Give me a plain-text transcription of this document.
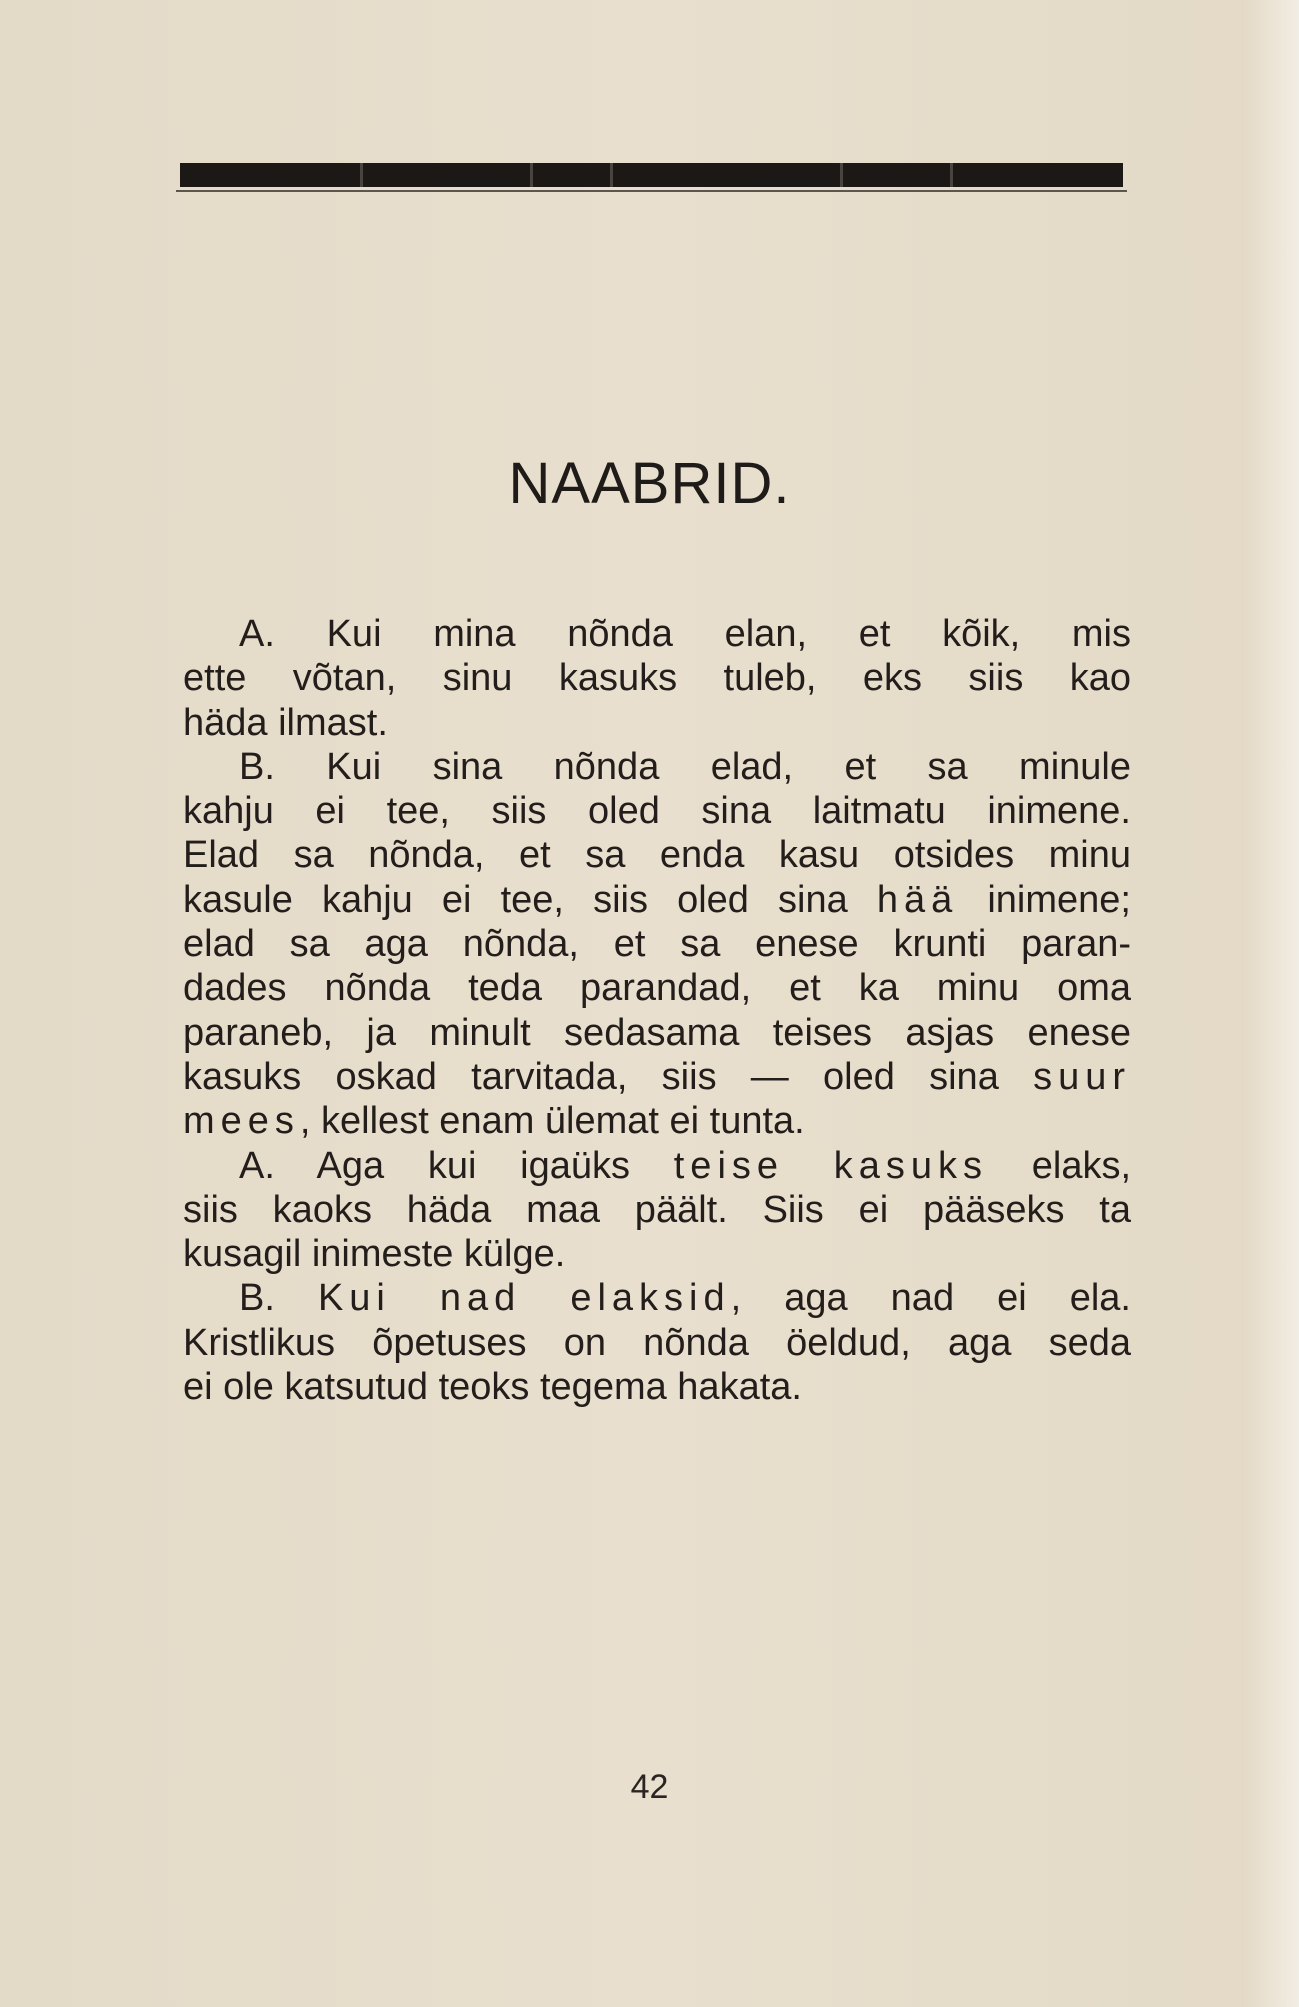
NAABRID.
A. Kui mina nõnda elan, et kõik, mis
ette võtan, sinu kasuks tuleb, eks siis kao
häda ilmast.
B. Kui sina nõnda elad, et sa minule
kahju ei tee, siis oled sina laitmatu inimene.
Elad sa nõnda, et sa enda kasu otsides minu
kasule kahju ei tee, siis oled sina hää inimene;
elad sa aga nõnda, et sa enese krunti paran-
dades nõnda teda parandad, et ka minu oma
paraneb, ja minult sedasama teises asjas enese
kasuks oskad tarvitada, siis — oled sina suur
mees, kellest enam ülemat ei tunta.
A. Aga kui igaüks teise kasuks elaks,
siis kaoks häda maa päält. Siis ei pääseks ta
kusagil inimeste külge.
B. Kui nad elaksid, aga nad ei ela.
Kristlikus õpetuses on nõnda öeldud, aga seda
ei ole katsutud teoks tegema hakata.
42
